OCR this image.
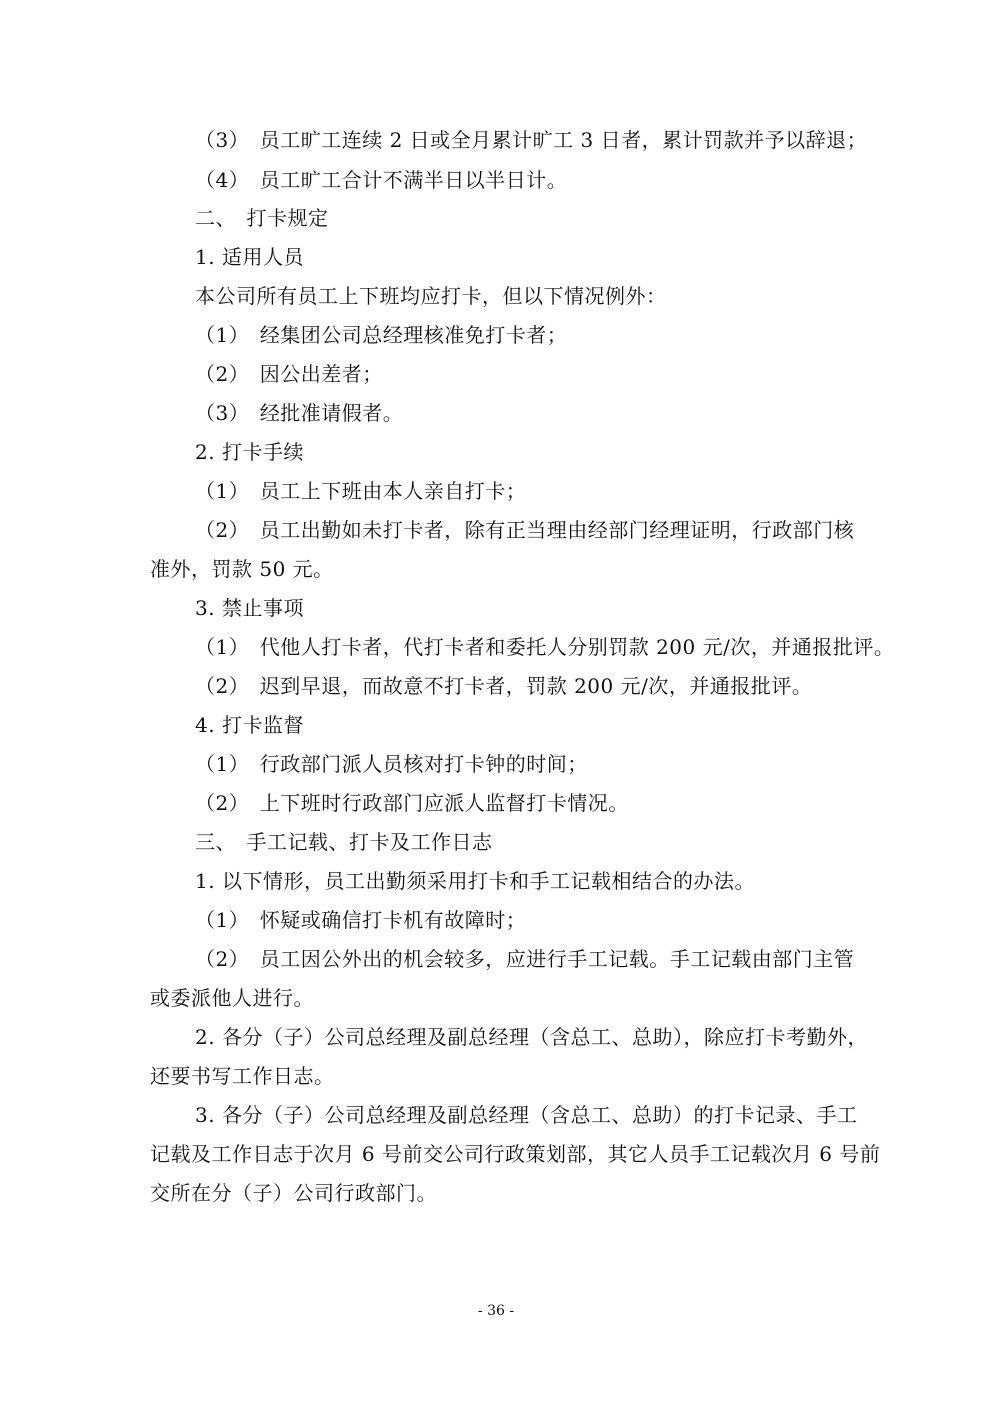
（3）　员工旷工连续 2 日或全月累计旷工 3 日者，累计罚款并予以辞退；
（4）　员工旷工合计不满半日以半日计。
二、　打卡规定
1. 适用人员
本公司所有员工上下班均应打卡，但以下情况例外：
（1）　经集团公司总经理核准免打卡者；
（2）　因公出差者；
（3）　经批准请假者。
2. 打卡手续
（1）　员工上下班由本人亲自打卡；
（2）　员工出勤如未打卡者，除有正当理由经部门经理证明，行政部门核
准外，罚款 50 元。
3. 禁止事项
（1）　代他人打卡者，代打卡者和委托人分别罚款 200 元/次，并通报批评。
（2）　迟到早退，而故意不打卡者，罚款 200 元/次，并通报批评。
4. 打卡监督
（1）　行政部门派人员核对打卡钟的时间；
（2）　上下班时行政部门应派人监督打卡情况。
三、　手工记载、打卡及工作日志
1. 以下情形，员工出勤须采用打卡和手工记载相结合的办法。
（1）　怀疑或确信打卡机有故障时；
（2）　员工因公外出的机会较多，应进行手工记载。手工记载由部门主管
或委派他人进行。
2. 各分（子）公司总经理及副总经理（含总工、总助），除应打卡考勤外，
还要书写工作日志。
3. 各分（子）公司总经理及副总经理（含总工、总助）的打卡记录、手工
记载及工作日志于次月 6 号前交公司行政策划部，其它人员手工记载次月 6 号前
交所在分（子）公司行政部门。
- 36 -
